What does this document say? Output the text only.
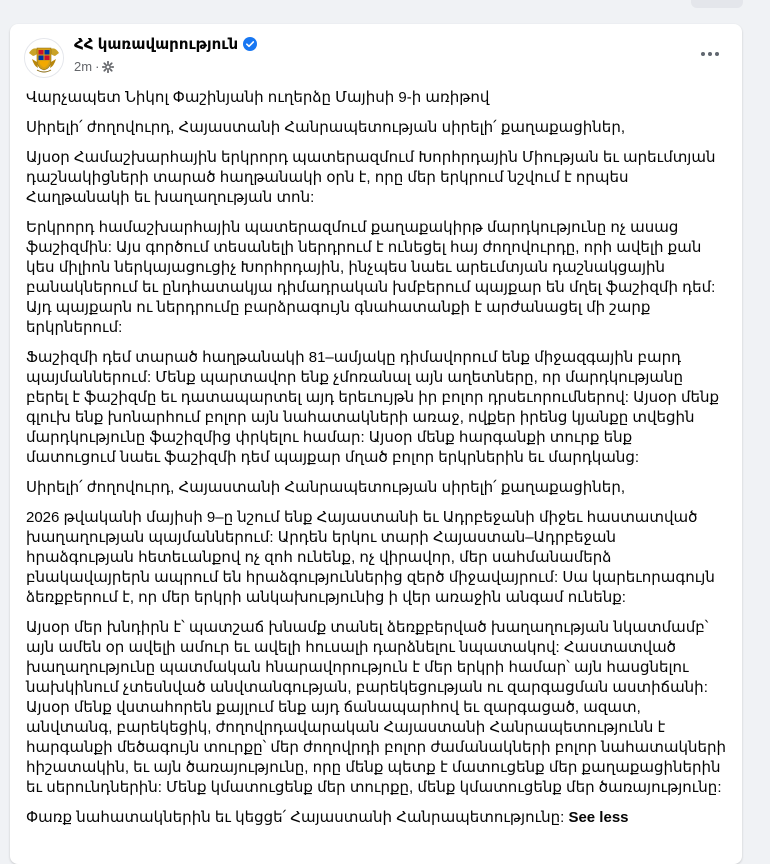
ՀՀ կառավարություն
2m ·

Վարչապետ Նիկոլ Փաշինյանի ուղերձը Մայիսի 9-ի առիթով

Սիրելի՛ ժողովուրդ, Հայաստանի Հանրապետության սիրելի՛ քաղաքացիներ,

Այսօր Համաշխարհային երկրորդ պատերազմում Խորհրդային Միության եւ արեւմտյան դաշնակիցների տարած հաղթանակի օրն է, որը մեր երկրում նշվում է որպես Հաղթանակի եւ խաղաղության տոն:

Երկրորդ համաշխարհային պատերազմում քաղաքակիրթ մարդկությունը ոչ ասաց ֆաշիզմին: Այս գործում տեսանելի ներդրում է ունեցել հայ ժողովուրդը, որի ավելի քան կես միլիոն ներկայացուցիչ Խորհրդային, ինչպես նաեւ արեւմտյան դաշնակցային բանակներում եւ ընդհատակյա դիմադրական խմբերում պայքար են մղել ֆաշիզմի դեմ: Այդ պայքարն ու ներդրումը բարձրագույն գնահատանքի է արժանացել մի շարք երկրներում:

Ֆաշիզմի դեմ տարած հաղթանակի 81–ամյակը դիմավորում ենք միջազգային բարդ պայմաններում: Մենք պարտավոր ենք չմոռանալ այն աղետները, որ մարդկությանը բերել է ֆաշիզմը եւ դատապարտել այդ երեւույթն իր բոլոր դրսեւորումներով: Այսօր մենք գլուխ ենք խոնարհում բոլոր այն նահատակների առաջ, ովքեր իրենց կյանքը տվեցին մարդկությունը ֆաշիզմից փրկելու համար: Այսօր մենք հարգանքի տուրք ենք մատուցում նաեւ ֆաշիզմի դեմ պայքար մղած բոլոր երկրներին եւ մարդկանց:

Սիրելի՛ ժողովուրդ, Հայաստանի Հանրապետության սիրելի՛ քաղաքացիներ,

2026 թվականի մայիսի 9–ը նշում ենք Հայաստանի եւ Ադրբեջանի միջեւ հաստատված խաղաղության պայմաններում: Արդեն երկու տարի Հայաստան–Ադրբեջան հրաձգության հետեւանքով ոչ զոհ ունենք, ոչ վիրավոր, մեր սահմանամերձ բնակավայրերն ապրում են հրաձգություններից զերծ միջավայրում: Սա կարեւորագույն ձեռքբերում է, որ մեր երկրի անկախությունից ի վեր առաջին անգամ ունենք:

Այսօր մեր խնդիրն է՝ պատշաճ խնամք տանել ձեռքբերված խաղաղության նկատմամբ՝ այն ամեն օր ավելի ամուր եւ ավելի հուսալի դարձնելու նպատակով: Հաստատված խաղաղությունը պատմական հնարավորություն է մեր երկրի համար՝ այն հասցնելու նախկինում չտեսնված անվտանգության, բարեկեցության ու զարգացման աստիճանի: Այսօր մենք վստահորեն քայլում ենք այդ ճանապարհով եւ զարգացած, ազատ, անվտանգ, բարեկեցիկ, ժողովրդավարական Հայաստանի Հանրապետությունն է հարգանքի մեծագույն տուրքը՝ մեր ժողովրդի բոլոր ժամանակների բոլոր նահատակների հիշատակին, եւ այն ծառայությունը, որը մենք պետք է մատուցենք մեր քաղաքացիներին եւ սերունդներին: Մենք կմատուցենք մեր տուրքը, մենք կմատուցենք մեր ծառայությունը:

Փառք նահատակներին եւ կեցցե՛ Հայաստանի Հանրապետությունը: See less
